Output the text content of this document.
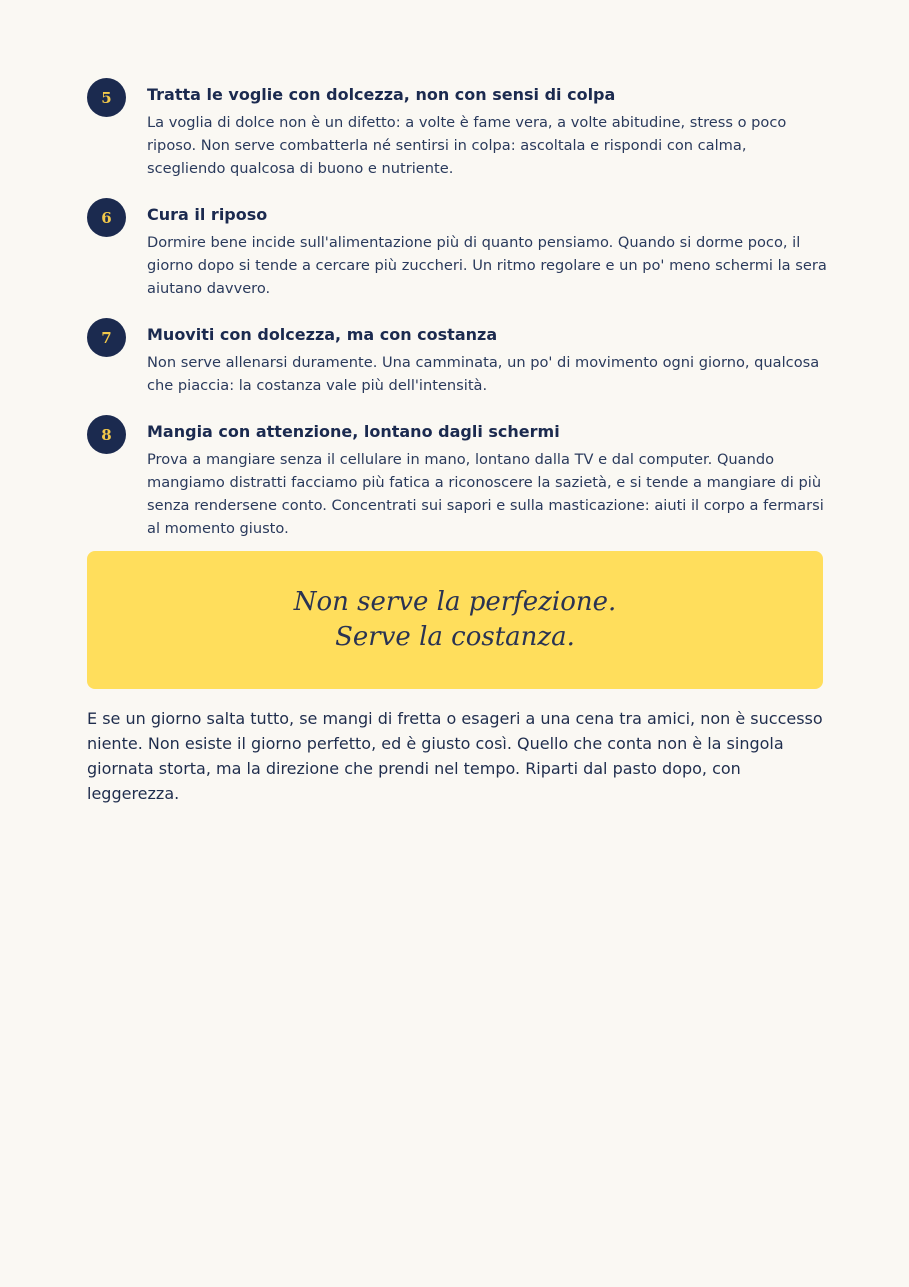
5	Tratta le voglie con dolcezza, non con sensi di colpa

La voglia di dolce non è un difetto: a volte è fame vera, a volte abitudine, stress o poco riposo. Non serve combatterla né sentirsi in colpa: ascoltala e rispondi con calma, scegliendo qualcosa di buono e nutriente.

6	Cura il riposo

Dormire bene incide sull'alimentazione più di quanto pensiamo. Quando si dorme poco, il giorno dopo si tende a cercare più zuccheri. Un ritmo regolare e un po' meno schermi la sera aiutano davvero.

7	Muoviti con dolcezza, ma con costanza

Non serve allenarsi duramente. Una camminata, un po' di movimento ogni giorno, qualcosa che piaccia: la costanza vale più dell'intensità.

8	Mangia con attenzione, lontano dagli schermi

Prova a mangiare senza il cellulare in mano, lontano dalla TV e dal computer. Quando mangiamo distratti facciamo più fatica a riconoscere la sazietà, e si tende a mangiare di più senza rendersene conto. Concentrati sui sapori e sulla masticazione: aiuti il corpo a fermarsi al momento giusto.

Non serve la perfezione.
Serve la costanza.

E se un giorno salta tutto, se mangi di fretta o esageri a una cena tra amici, non è successo niente. Non esiste il giorno perfetto, ed è giusto così. Quello che conta non è la singola giornata storta, ma la direzione che prendi nel tempo. Riparti dal pasto dopo, con leggerezza.
